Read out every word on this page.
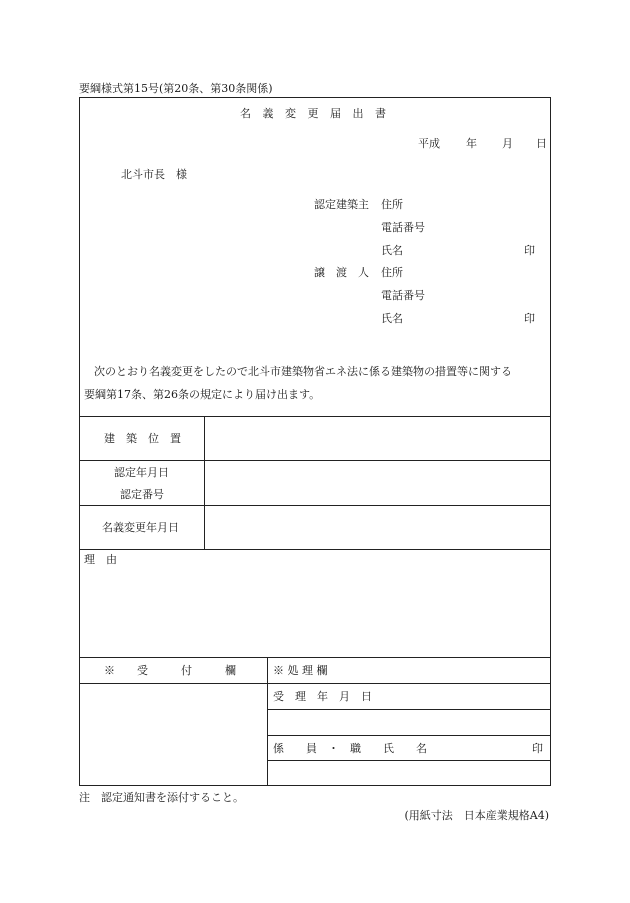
要綱様式第15号(第20条、第30条関係)
名 義 変 更 届 出 書
平成 年 月 日
北斗市長　様
認定建築主 住所
電話番号
氏名	印
譲　渡　人 住所
電話番号
氏名	印
次のとおり名義変更をしたので北斗市建築物省エネ法に係る建築物の措置等に関する
要綱第17条、第26条の規定により届け出ます。
建　築　位　置
認定年月日
認定番号
名義変更年月日
理　由
※　　受　　　付　　　欄	※ 処 理 欄
受　理　年　月　日
係　　員　・　職　　氏　　名	印
注　認定通知書を添付すること。
(用紙寸法　日本産業規格A4)
